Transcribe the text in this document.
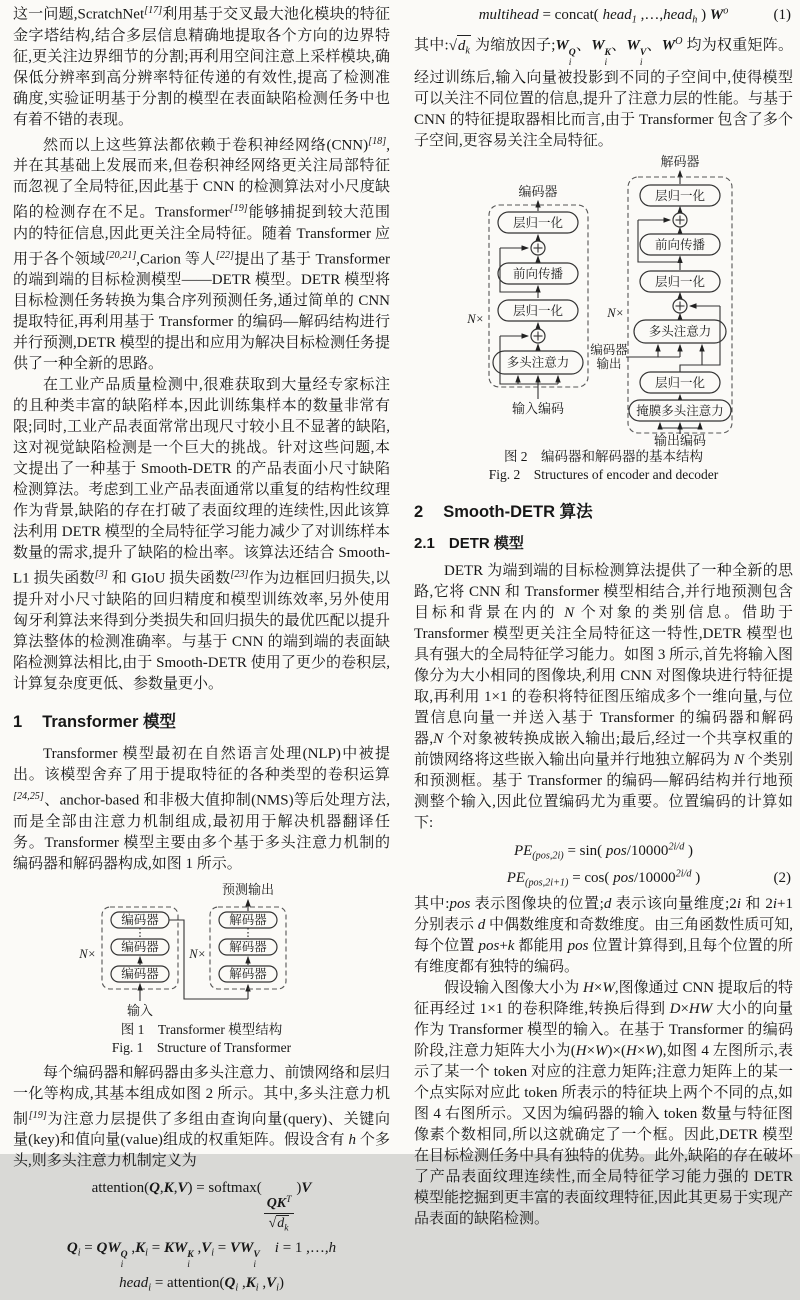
这一问题,ScratchNet[17]利用基于交叉最大池化模块的特征金字塔结构,结合多层信息精确地提取各个方向的边界特征,更关注边界细节的分割;再利用空间注意上采样模块,确保低分辨率到高分辨率特征传递的有效性,提高了检测准确度,实验证明基于分割的模型在表面缺陷检测任务中也有着不错的表现。

然而以上这些算法都依赖于卷积神经网络(CNN)[18],并在其基础上发展而来,但卷积神经网络更关注局部特征而忽视了全局特征,因此基于 CNN 的检测算法对小尺度缺陷的检测存在不足。Transformer[19]能够捕捉到较大范围内的特征信息,因此更关注全局特征。随着 Transformer 应用于各个领域[20,21],Carion 等人[22]提出了基于 Transformer 的端到端的目标检测模型——DETR 模型。DETR 模型将目标检测任务转换为集合序列预测任务,通过简单的 CNN 提取特征,再利用基于 Transformer 的编码—解码结构进行并行预测,DETR 模型的提出和应用为解决目标检测任务提供了一种全新的思路。

在工业产品质量检测中,很难获取到大量经专家标注的且种类丰富的缺陷样本,因此训练集样本的数量非常有限;同时,工业产品表面常常出现尺寸较小且不显著的缺陷,这对视觉缺陷检测是一个巨大的挑战。针对这些问题,本文提出了一种基于 Smooth-DETR 的产品表面小尺寸缺陷检测算法。考虑到工业产品表面通常以重复的结构性纹理作为背景,缺陷的存在打破了表面纹理的连续性,因此该算法利用 DETR 模型的全局特征学习能力减少了对训练样本数量的需求,提升了缺陷的检出率。该算法还结合 Smooth-L1 损失函数[3] 和 GIoU 损失函数[23]作为边框回归损失,以提升对小尺寸缺陷的回归精度和模型训练效率,另外使用匈牙利算法来得到分类损失和回归损失的最优匹配以提升算法整体的检测准确率。与基于 CNN 的端到端的表面缺陷检测算法相比,由于 Smooth-DETR 使用了更少的卷积层,计算复杂度更低、参数量更小。

1 Transformer 模型

Transformer 模型最初在自然语言处理(NLP)中被提出。该模型舍弃了用于提取特征的各种类型的卷积运算[24,25]、anchor-based 和非极大值抑制(NMS)等后处理方法,而是全部由注意力机制组成,最初用于解决机器翻译任务。Transformer 模型主要由多个基于多头注意力机制的编码器和解码器构成,如图 1 所示。

预测输出
编码器
⋮
编码器
编码器
N×
输入
解码器
⋮
解码器
解码器
N×
图 1  Transformer 模型结构
Fig. 1  Structure of Transformer

每个编码器和解码器由多头注意力、前馈网络和层归一化等构成,其基本组成如图 2 所示。其中,多头注意力机制[19]为注意力层提供了多组由查询向量(query)、关键向量(key)和值向量(value)组成的权重矩阵。假设含有 h 个多头,则多头注意力机制定义为

attention(Q,K,V) = softmax(
$\frac{QK^T}{√ d_k}$
)V
$Q_i$ = QW Q
i
$,K_i$ = KW K
i
$,V_i$ = VW V
i
 i = 1 ,…,h
head$_i$ = $attention(Q_i$ $,K_i$ $,V_i$)
multihead = concat( head$_1$ ,…,head$_h$ ) $W^o$	(1)

其中: √ $d_k$ 为缩放因子;W Q
i
、W K
i
、W V
i
、$W^O$ 均为权重矩阵。经过训练后,输入向量被投影到不同的子空间中,使得模型可以关注不同位置的信息,提升了注意力层的性能。与基于 CNN 的特征提取器相比而言,由于 Transformer 包含了多个子空间,更容易关注全局特征。

编码器
层归一化
前向传播
层归一化
多头注意力
输入编码
N×
解码器
层归一化
前向传播
层归一化
多头注意力
编码器
输出
层归一化
掩膜多头注意力
输出编码
N×
图 2  编码器和解码器的基本结构
Fig. 2  Structures of encoder and decoder
2 Smooth-DETR 算法
2.1 DETR 模型

DETR 为端到端的目标检测算法提供了一种全新的思路,它将 CNN 和 Transformer 模型相结合,并行地预测包含目标和背景在内的 N 个对象的类别信息。借助于 Transformer 模型更关注全局特征这一特性,DETR 模型也具有强大的全局特征学习能力。如图 3 所示,首先将输入图像分为大小相同的图像块,利用 CNN 对图像块进行特征提取,再利用 1×1 的卷积将特征图压缩成多个一维向量,与位置信息向量一并送入基于 Transformer 的编码器和解码器,N 个对象被转换成嵌入输出;最后,经过一个共享权重的前馈网络将这些嵌入输出向量并行地独立解码为 N 个类别和预测框。基于 Transformer 的编码—解码结构并行地预测整个输入,因此位置编码尤为重要。位置编码的计算如下:

$PE_{(pos,2i)} = \sin$( pos/$10000^{2i/d}$ )
$PE_{(pos,2i+1)} = \cos$( pos/$10000^{2i/d}$ )	(2)

其中:pos 表示图像块的位置;d 表示该向量维度;2i 和 2i+1 分别表示 d 中偶数维度和奇数维度。由三角函数性质可知,每个位置 pos+k 都能用 pos 位置计算得到,且每个位置的所有维度都有独特的编码。

假设输入图像大小为 H×W,图像通过 CNN 提取后的特征再经过 1×1 的卷积降维,转换后得到 D×HW 大小的向量作为 Transformer 模型的输入。在基于 Transformer 的编码阶段,注意力矩阵大小为(H×W)×(H×W),如图 4 左图所示,表示了某一个 token 对应的注意力矩阵;注意力矩阵上的某一个点实际对应此 token 所表示的特征块上两个不同的点,如图 4 右图所示。又因为编码器的输入 token 数量与特征图像素个数相同,所以这就确定了一个框。因此,DETR 模型在目标检测任务中具有独特的优势。此外,缺陷的存在破坏了产品表面纹理连续性,而全局特征学习能力强的 DETR 模型能挖掘到更丰富的表面纹理特征,因此其更易于实现产品表面的缺陷检测。
